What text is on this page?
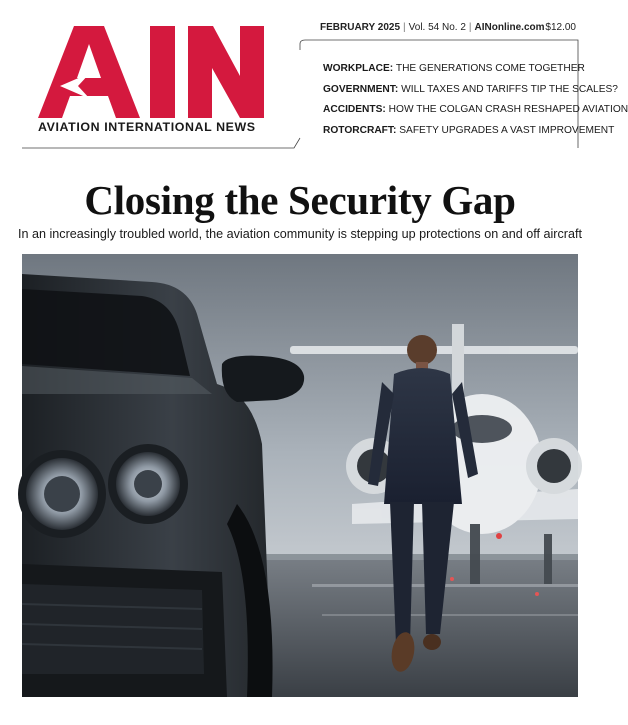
AVIATION INTERNATIONAL NEWS
FEBRUARY 2025 | Vol. 54 No. 2 | AINonline.com $12.00
WORKPLACE: THE GENERATIONS COME TOGETHER
GOVERNMENT: WILL TAXES AND TARIFFS TIP THE SCALES?
ACCIDENTS: HOW THE COLGAN CRASH RESHAPED AVIATION
ROTORCRAFT: SAFETY UPGRADES A VAST IMPROVEMENT
Closing the Security Gap

In an increasingly troubled world, the aviation community is stepping up protections on and off aircraft
